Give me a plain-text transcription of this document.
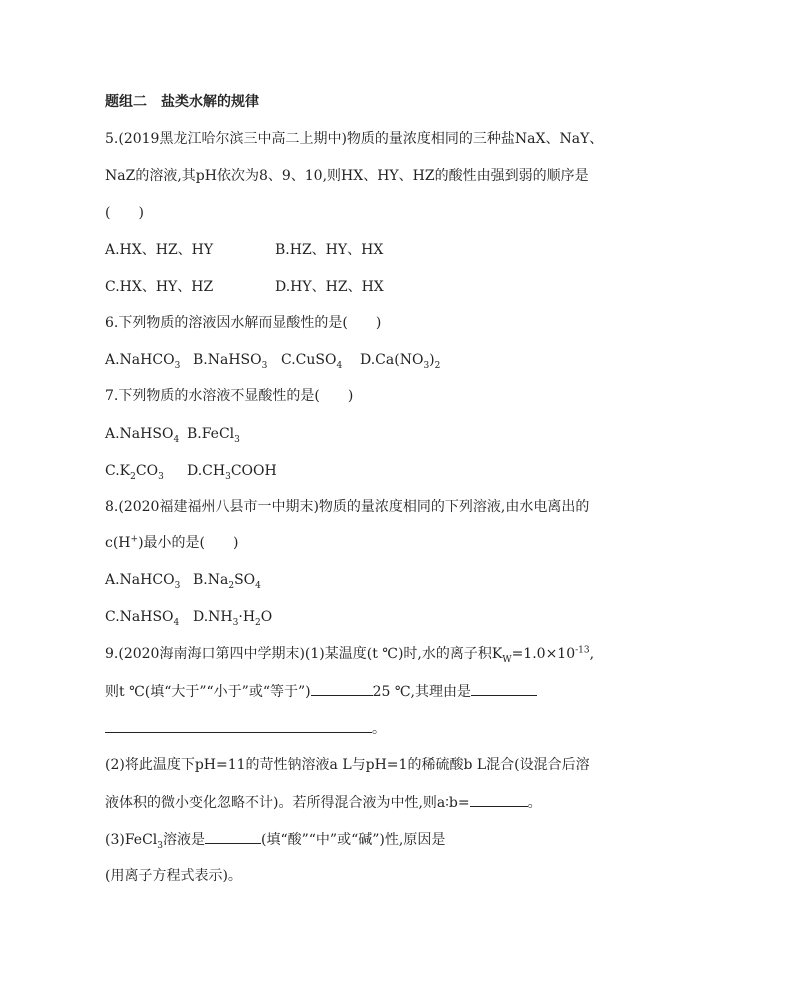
题组二　盐类水解的规律
5.(2019黑龙江哈尔滨三中高二上期中)物质的量浓度相同的三种盐NaX、NaY、
NaZ的溶液,其pH依次为8、9、10,则HX、HY、HZ的酸性由强到弱的顺序是
(　　)
A.HX、HZ、HY	B.HZ、HY、HX
C.HX、HY、HZ	D.HY、HZ、HX
6.下列物质的溶液因水解而显酸性的是(　　)
A.NaHCO$_3$ B.NaHSO$_3$ C.CuSO$_4$ $D.Ca(NO_3)_2$
7.下列物质的水溶液不显酸性的是(　　)
A.NaHSO$_4$ B.FeCl$_3$
$C.K_2CO_3$ $D.CH_3COOH$
8.(2020福建福州八县市一中期末)物质的量浓度相同的下列溶液,由水电离出的
c(H+)最小的是(　　)
A.NaHCO$_3$ $B.Na_2SO_4$
C.NaHSO$_4$ $D.NH_3\cdot H_2O$
9.(2020海南海口第四中学期末)(1)某温度(t ℃)时,水的离子积$K_W=1.0\times 10^{-13}$,
则t ℃(填“大于”“小于”或“等于”)	25 ℃,其理由是
。
(2)将此温度下pH=11的苛性钠溶液a L与pH=1的稀硫酸b L混合(设混合后溶
液体积的微小变化忽略不计)。若所得混合液为中性,则a∶b=	。
(3)FeCl$_3$溶液是	(填“酸”“中”或“碱”)性,原因是
(用离子方程式表示)。
